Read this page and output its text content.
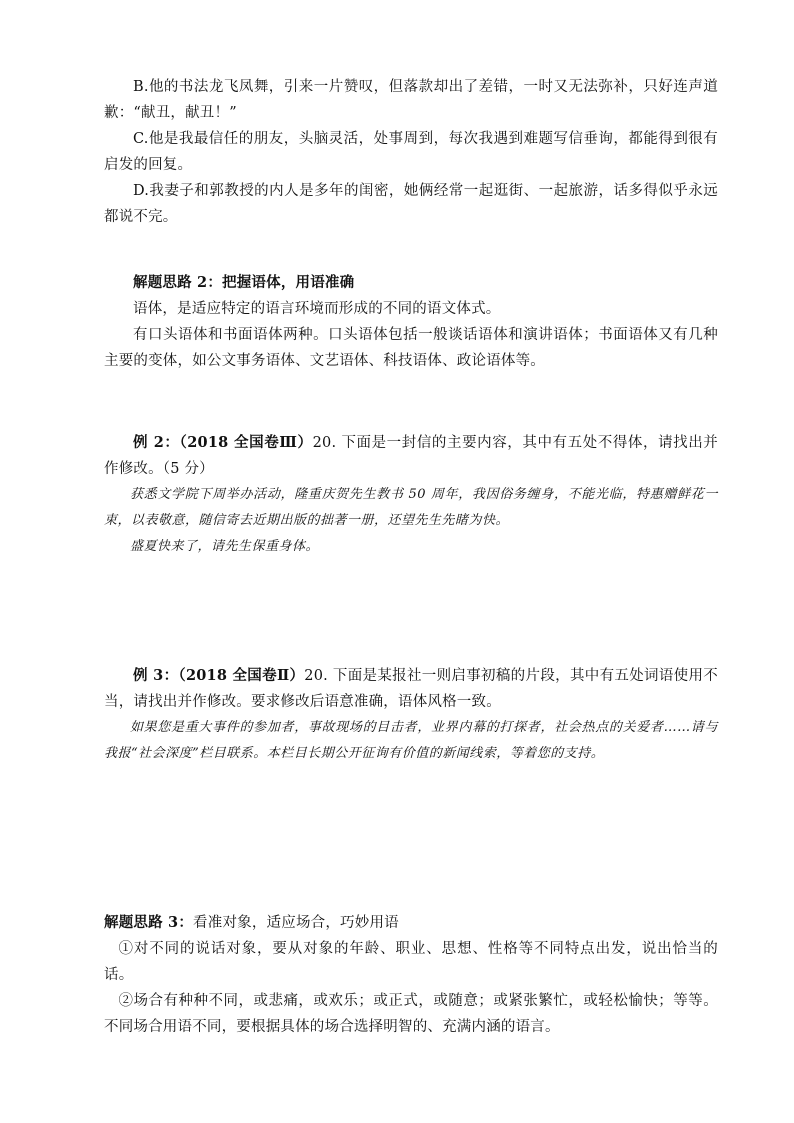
B.他的书法龙飞凤舞，引来一片赞叹，但落款却出了差错，一时又无法弥补，只好连声道歉：“献丑，献丑！”

C.他是我最信任的朋友，头脑灵活，处事周到，每次我遇到难题写信垂询，都能得到很有启发的回复。

D.我妻子和郭教授的内人是多年的闺密，她俩经常一起逛街、一起旅游，话多得似乎永远都说不完。

解题思路 2：把握语体，用语准确

语体，是适应特定的语言环境而形成的不同的语文体式。

有口头语体和书面语体两种。口头语体包括一般谈话语体和演讲语体；书面语体又有几种主要的变体，如公文事务语体、文艺语体、科技语体、政论语体等。

例 2：（2018 全国卷Ⅲ）20. 下面是一封信的主要内容，其中有五处不得体，请找出并作修改。（5 分）

获悉文学院下周举办活动，隆重庆贺先生教书 50 周年，我因俗务缠身，不能光临，特惠赠鲜花一束，以表敬意，随信寄去近期出版的拙著一册，还望先生先睹为快。

盛夏快来了，请先生保重身体。

例 3：（2018 全国卷Ⅱ）20. 下面是某报社一则启事初稿的片段，其中有五处词语使用不当，请找出并作修改。要求修改后语意准确，语体风格一致。

如果您是重大事件的参加者，事故现场的目击者，业界内幕的打探者，社会热点的关爱者……请与我报“社会深度”栏目联系。本栏目长期公开征询有价值的新闻线索，等着您的支持。

解题思路 3：看准对象，适应场合，巧妙用语

①对不同的说话对象，要从对象的年龄、职业、思想、性格等不同特点出发，说出恰当的话。

②场合有种种不同，或悲痛，或欢乐；或正式，或随意；或紧张繁忙，或轻松愉快；等等。不同场合用语不同，要根据具体的场合选择明智的、充满内涵的语言。
